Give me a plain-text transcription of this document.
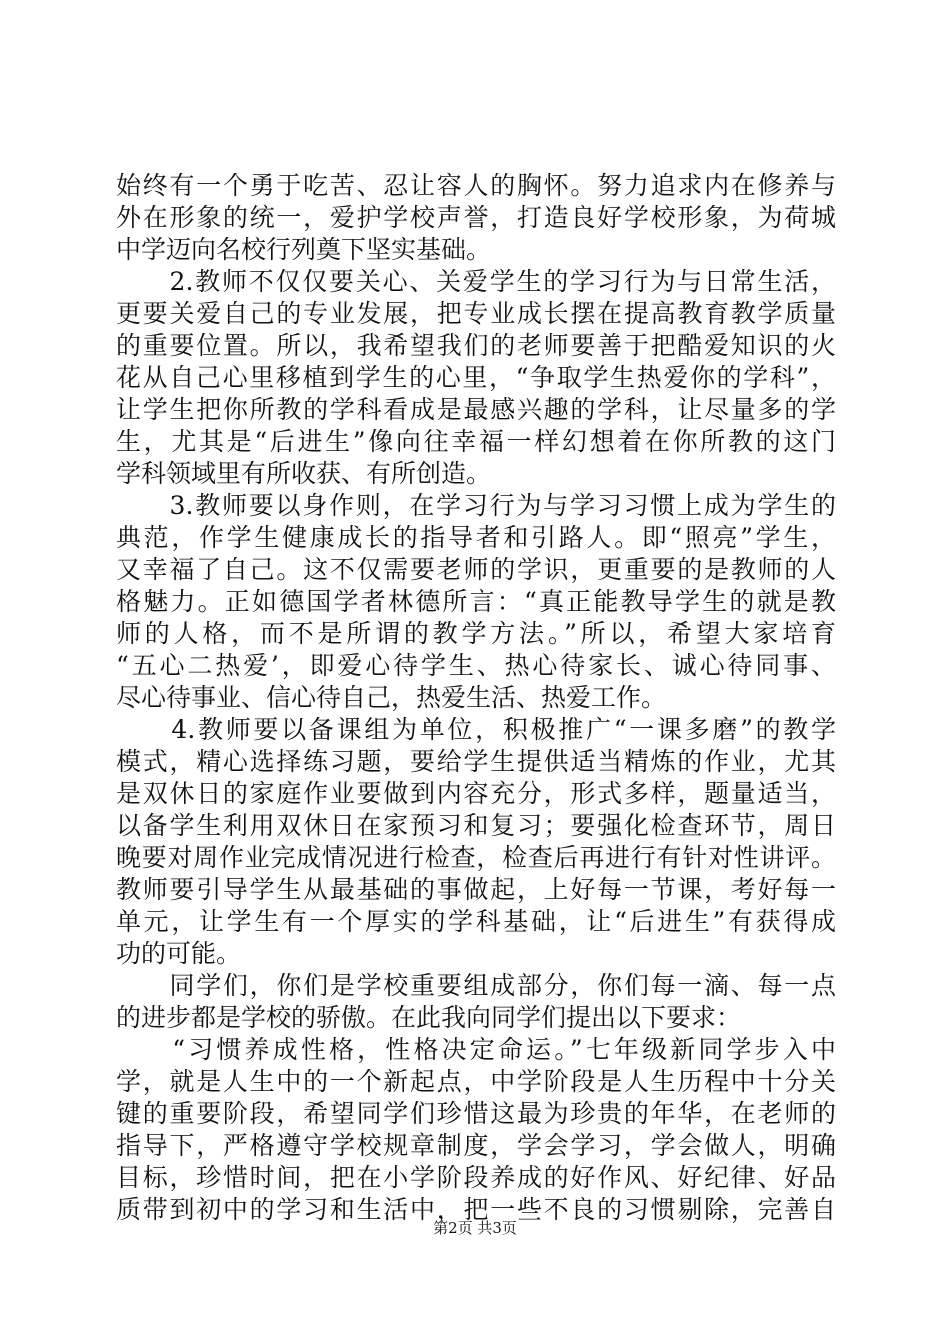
始终有一个勇于吃苦、忍让容人的胸怀。努力追求内在修养与
外在形象的统一，爱护学校声誉，打造良好学校形象，为荷城
中学迈向名校行列奠下坚实基础。
　　2.教师不仅仅要关心、关爱学生的学习行为与日常生活，
更要关爱自己的专业发展，把专业成长摆在提高教育教学质量
的重要位置。所以，我希望我们的老师要善于把酷爱知识的火
花从自己心里移植到学生的心里，“争取学生热爱你的学科”，
让学生把你所教的学科看成是最感兴趣的学科，让尽量多的学
生，尤其是“后进生”像向往幸福一样幻想着在你所教的这门
学科领域里有所收获、有所创造。
　　3.教师要以身作则，在学习行为与学习习惯上成为学生的
典范，作学生健康成长的指导者和引路人。即“照亮”学生，
又幸福了自己。这不仅需要老师的学识，更重要的是教师的人
格魅力。正如德国学者林德所言：“真正能教导学生的就是教
师的人格，而不是所谓的教学方法。”所以，希望大家培育
“五心二热爱’，即爱心待学生、热心待家长、诚心待同事、
尽心待事业、信心待自己，热爱生活、热爱工作。
　　4.教师要以备课组为单位，积极推广“一课多磨”的教学
模式，精心选择练习题，要给学生提供适当精炼的作业，尤其
是双休日的家庭作业要做到内容充分，形式多样，题量适当，
以备学生利用双休日在家预习和复习；要强化检查环节，周日
晚要对周作业完成情况进行检查，检查后再进行有针对性讲评。
教师要引导学生从最基础的事做起，上好每一节课，考好每一
单元，让学生有一个厚实的学科基础，让“后进生”有获得成
功的可能。
　　同学们，你们是学校重要组成部分，你们每一滴、每一点
的进步都是学校的骄傲。在此我向同学们提出以下要求：
　　“习惯养成性格，性格决定命运。”七年级新同学步入中
学，就是人生中的一个新起点，中学阶段是人生历程中十分关
键的重要阶段，希望同学们珍惜这最为珍贵的年华，在老师的
指导下，严格遵守学校规章制度，学会学习，学会做人，明确
目标，珍惜时间，把在小学阶段养成的好作风、好纪律、好品
质带到初中的学习和生活中，把一些不良的习惯剔除，完善自
第2页 共3页
